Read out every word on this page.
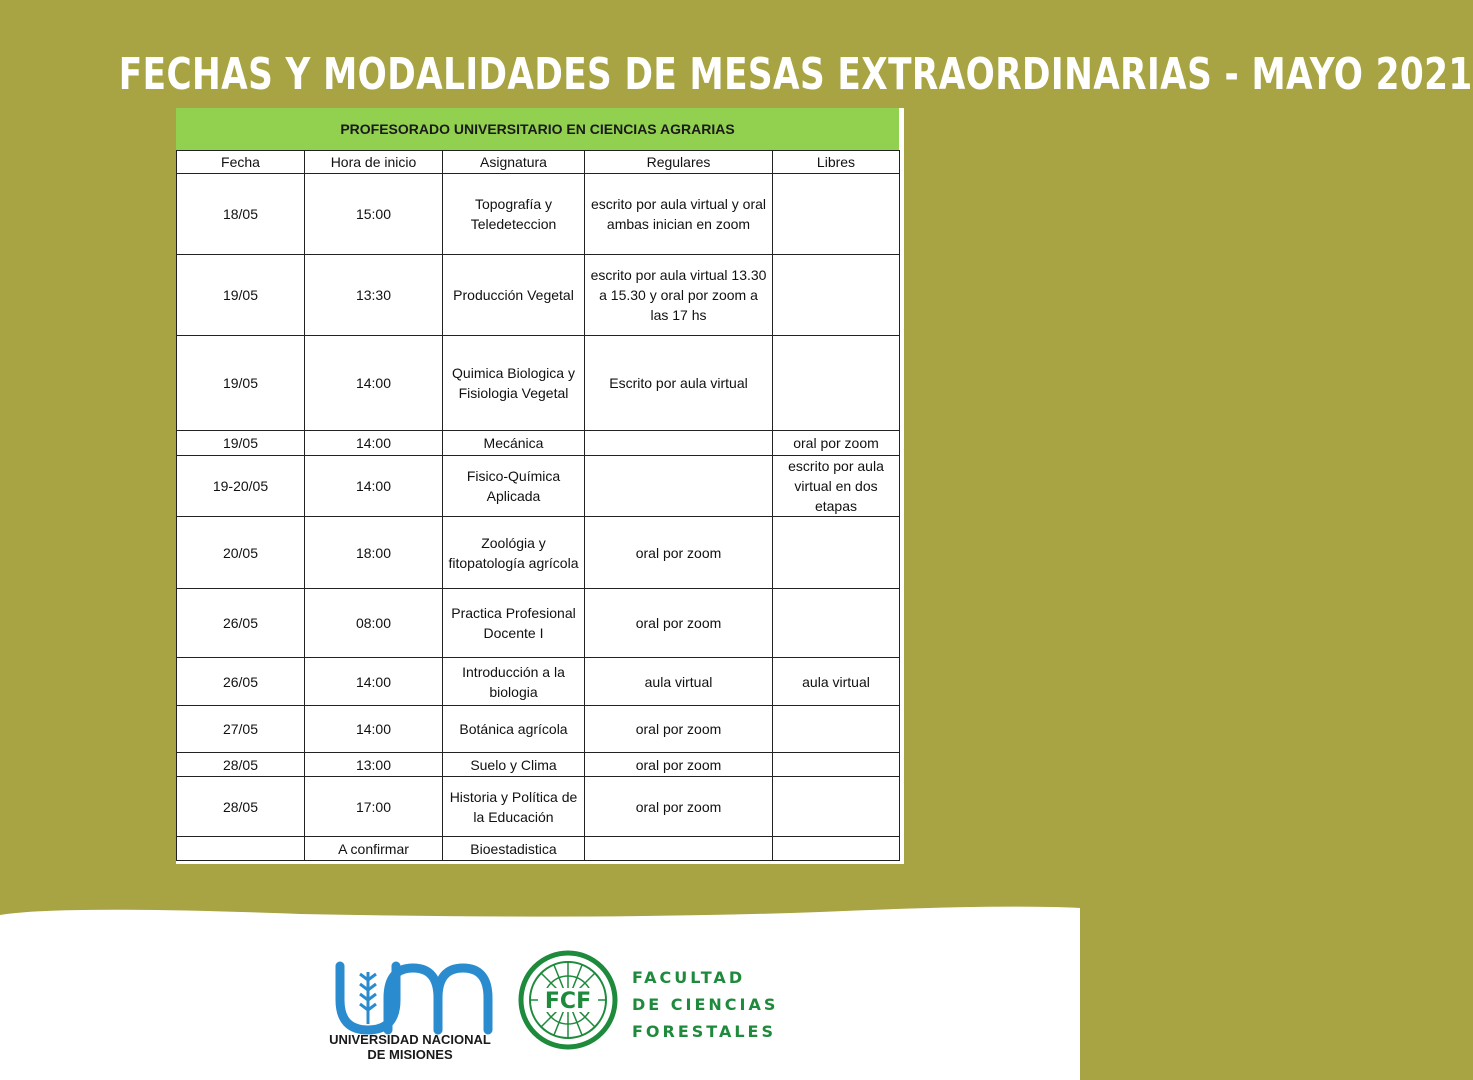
FECHAS Y MODALIDADES DE MESAS EXTRAORDINARIAS - MAYO 2021
PROFESORADO UNIVERSITARIO EN CIENCIAS AGRARIAS
Fecha	Hora de inicio	Asignatura	Regulares	Libres
18/05	15:00	Topografía y Teledeteccion	escrito por aula virtual y oral ambas inician en zoom	
19/05	13:30	Producción Vegetal	escrito por aula virtual 13.30 a 15.30 y oral por zoom a las 17 hs	
19/05	14:00	Quimica Biologica y Fisiologia Vegetal	Escrito por aula virtual	
19/05	14:00	Mecánica		oral por zoom
19-20/05	14:00	Fisico-Química Aplicada		escrito por aula virtual en dos etapas
20/05	18:00	Zoológia y fitopatología agrícola	oral por zoom	
26/05	08:00	Practica Profesional Docente I	oral por zoom	
26/05	14:00	Introducción a la biologia	aula virtual	aula virtual
27/05	14:00	Botánica agrícola	oral por zoom	
28/05	13:00	Suelo y Clima	oral por zoom	
28/05	17:00	Historia y Política de la Educación	oral por zoom	
	A confirmar	Bioestadistica		
UNIVERSIDAD NACIONAL
DE MISIONES
FCF
FACULTAD
DE CIENCIAS
FORESTALES
